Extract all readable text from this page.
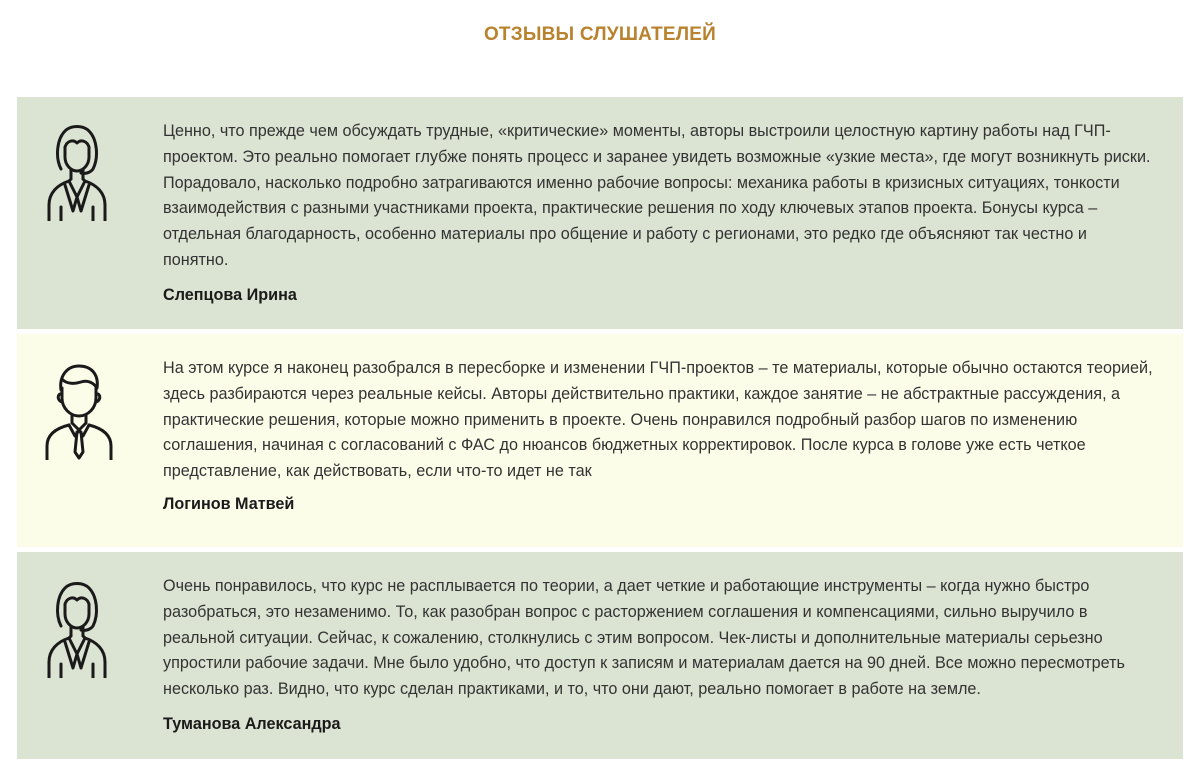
ОТЗЫВЫ СЛУШАТЕЛЕЙ

Ценно, что прежде чем обсуждать трудные, «критические» моменты, авторы выстроили целостную картину работы над ГЧП-проектом. Это реально помогает глубже понять процесс и заранее увидеть возможные «узкие места», где могут возникнуть риски. Порадовало, насколько подробно затрагиваются именно рабочие вопросы: механика работы в кризисных ситуациях, тонкости взаимодействия с разными участниками проекта, практические решения по ходу ключевых этапов проекта. Бонусы курса – отдельная благодарность, особенно материалы про общение и работу с регионами, это редко где объясняют так честно и понятно.

Слепцова Ирина

На этом курсе я наконец разобрался в пересборке и изменении ГЧП-проектов – те материалы, которые обычно остаются теорией, здесь разбираются через реальные кейсы. Авторы действительно практики, каждое занятие – не абстрактные рассуждения, а практические решения, которые можно применить в проекте. Очень понравился подробный разбор шагов по изменению соглашения, начиная с согласований с ФАС до нюансов бюджетных корректировок. После курса в голове уже есть четкое представление, как действовать, если что-то идет не так

Логинов Матвей

Очень понравилось, что курс не расплывается по теории, а дает четкие и работающие инструменты – когда нужно быстро разобраться, это незаменимо. То, как разобран вопрос с расторжением соглашения и компенсациями, сильно выручило в реальной ситуации. Сейчас, к сожалению, столкнулись с этим вопросом. Чек-листы и дополнительные материалы серьезно упростили рабочие задачи. Мне было удобно, что доступ к записям и материалам дается на 90 дней. Все можно пересмотреть несколько раз. Видно, что курс сделан практиками, и то, что они дают, реально помогает в работе на земле.

Туманова Александра
